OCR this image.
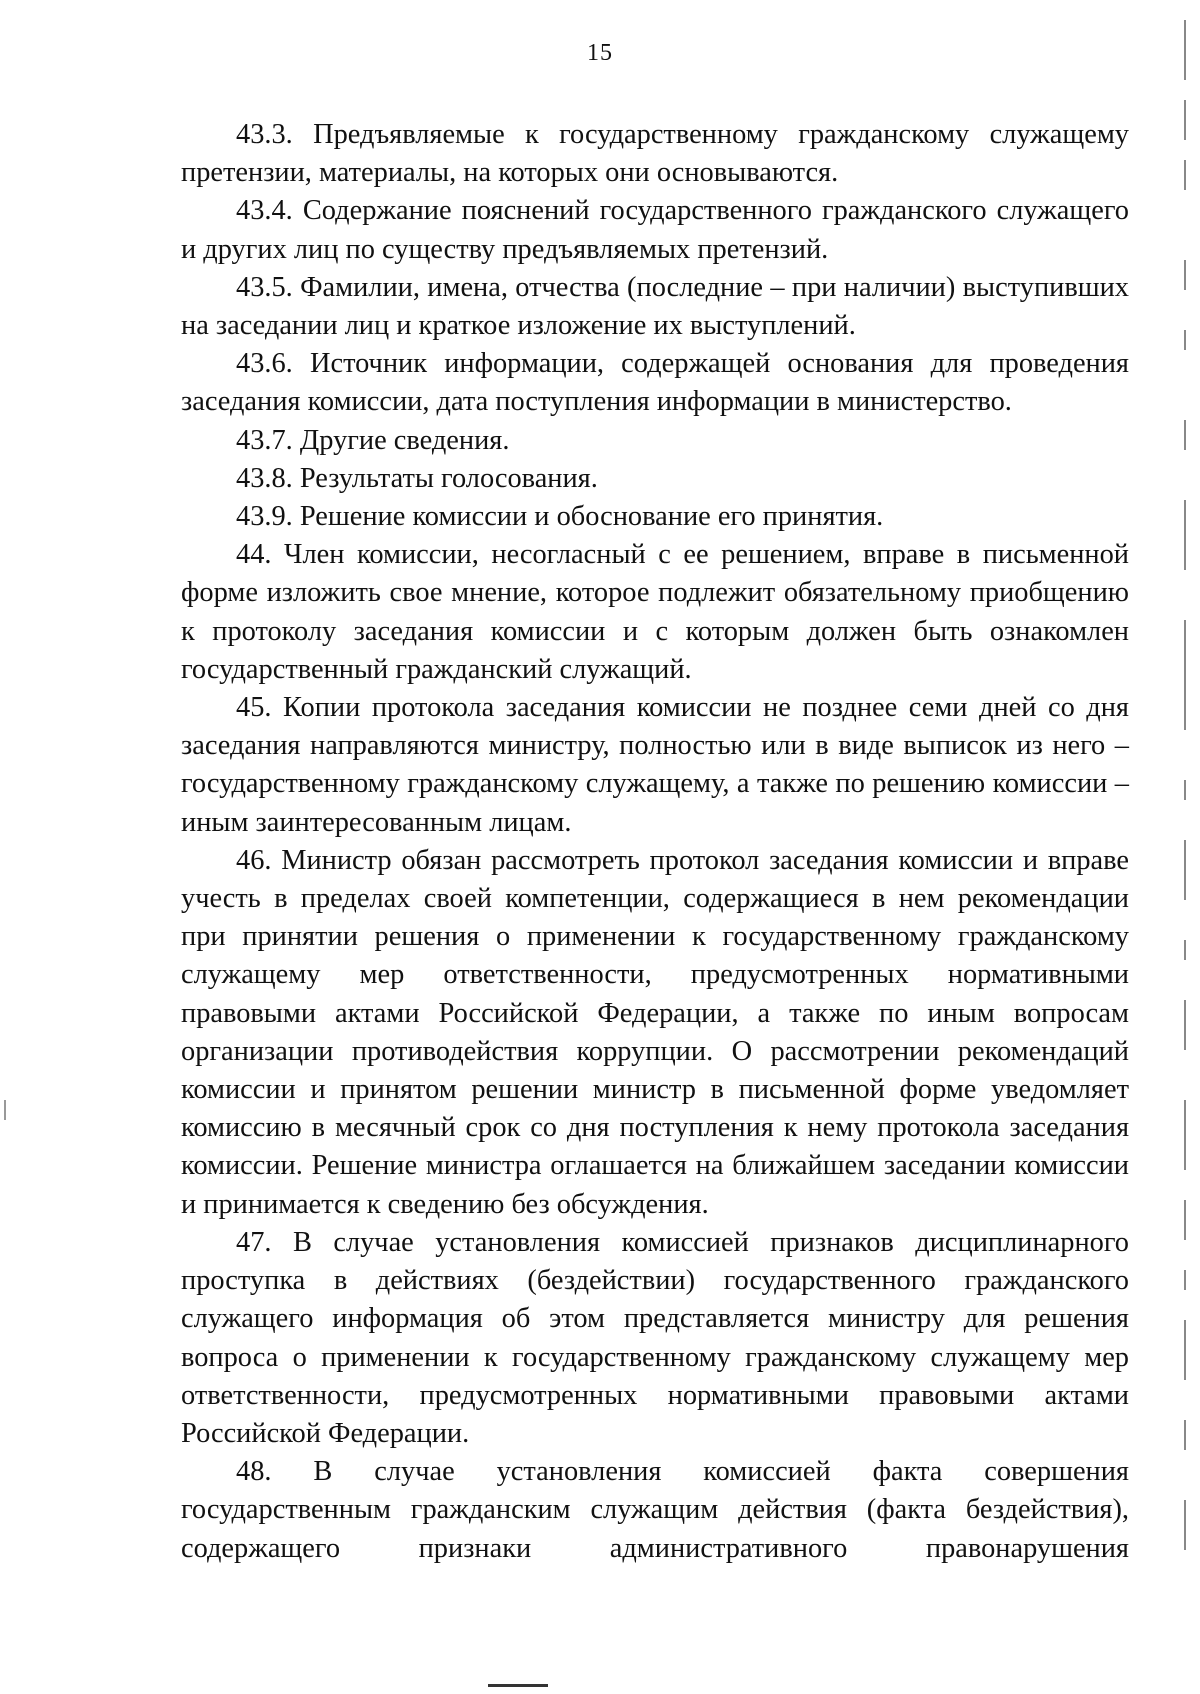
15

43.3. Предъявляемые к государственному гражданскому служащему претензии, материалы, на которых они основываются.

43.4. Содержание пояснений государственного гражданского служащего и других лиц по существу предъявляемых претензий.

43.5. Фамилии, имена, отчества (последние – при наличии) выступивших на заседании лиц и краткое изложение их выступлений.

43.6. Источник информации, содержащей основания для проведения заседания комиссии, дата поступления информации в министерство.

43.7. Другие сведения.

43.8. Результаты голосования.

43.9. Решение комиссии и обоснование его принятия.

44. Член комиссии, несогласный с ее решением, вправе в письменной форме изложить свое мнение, которое подлежит обязательному приобщению к протоколу заседания комиссии и с которым должен быть ознакомлен государственный гражданский служащий.

45. Копии протокола заседания комиссии не позднее семи дней со дня заседания направляются министру, полностью или в виде выписок из него – государственному гражданскому служащему, а также по решению комиссии – иным заинтересованным лицам.

46. Министр обязан рассмотреть протокол заседания комиссии и вправе учесть в пределах своей компетенции, содержащиеся в нем рекомендации при принятии решения о применении к государственному гражданскому служащему мер ответственности, предусмотренных нормативными правовыми актами Российской Федерации, а также по иным вопросам организации противодействия коррупции. О рассмотрении рекомендаций комиссии и принятом решении министр в письменной форме уведомляет комиссию в месячный срок со дня поступления к нему протокола заседания комиссии. Решение министра оглашается на ближайшем заседании комиссии и принимается к сведению без обсуждения.

47. В случае установления комиссией признаков дисциплинарного проступка в действиях (бездействии) государственного гражданского служащего информация об этом представляется министру для решения вопроса о применении к государственному гражданскому служащему мер ответственности, предусмотренных нормативными правовыми актами Российской Федерации.

48. В случае установления комиссией факта совершения государственным гражданским служащим действия (факта бездействия), содержащего признаки административного правонарушения
